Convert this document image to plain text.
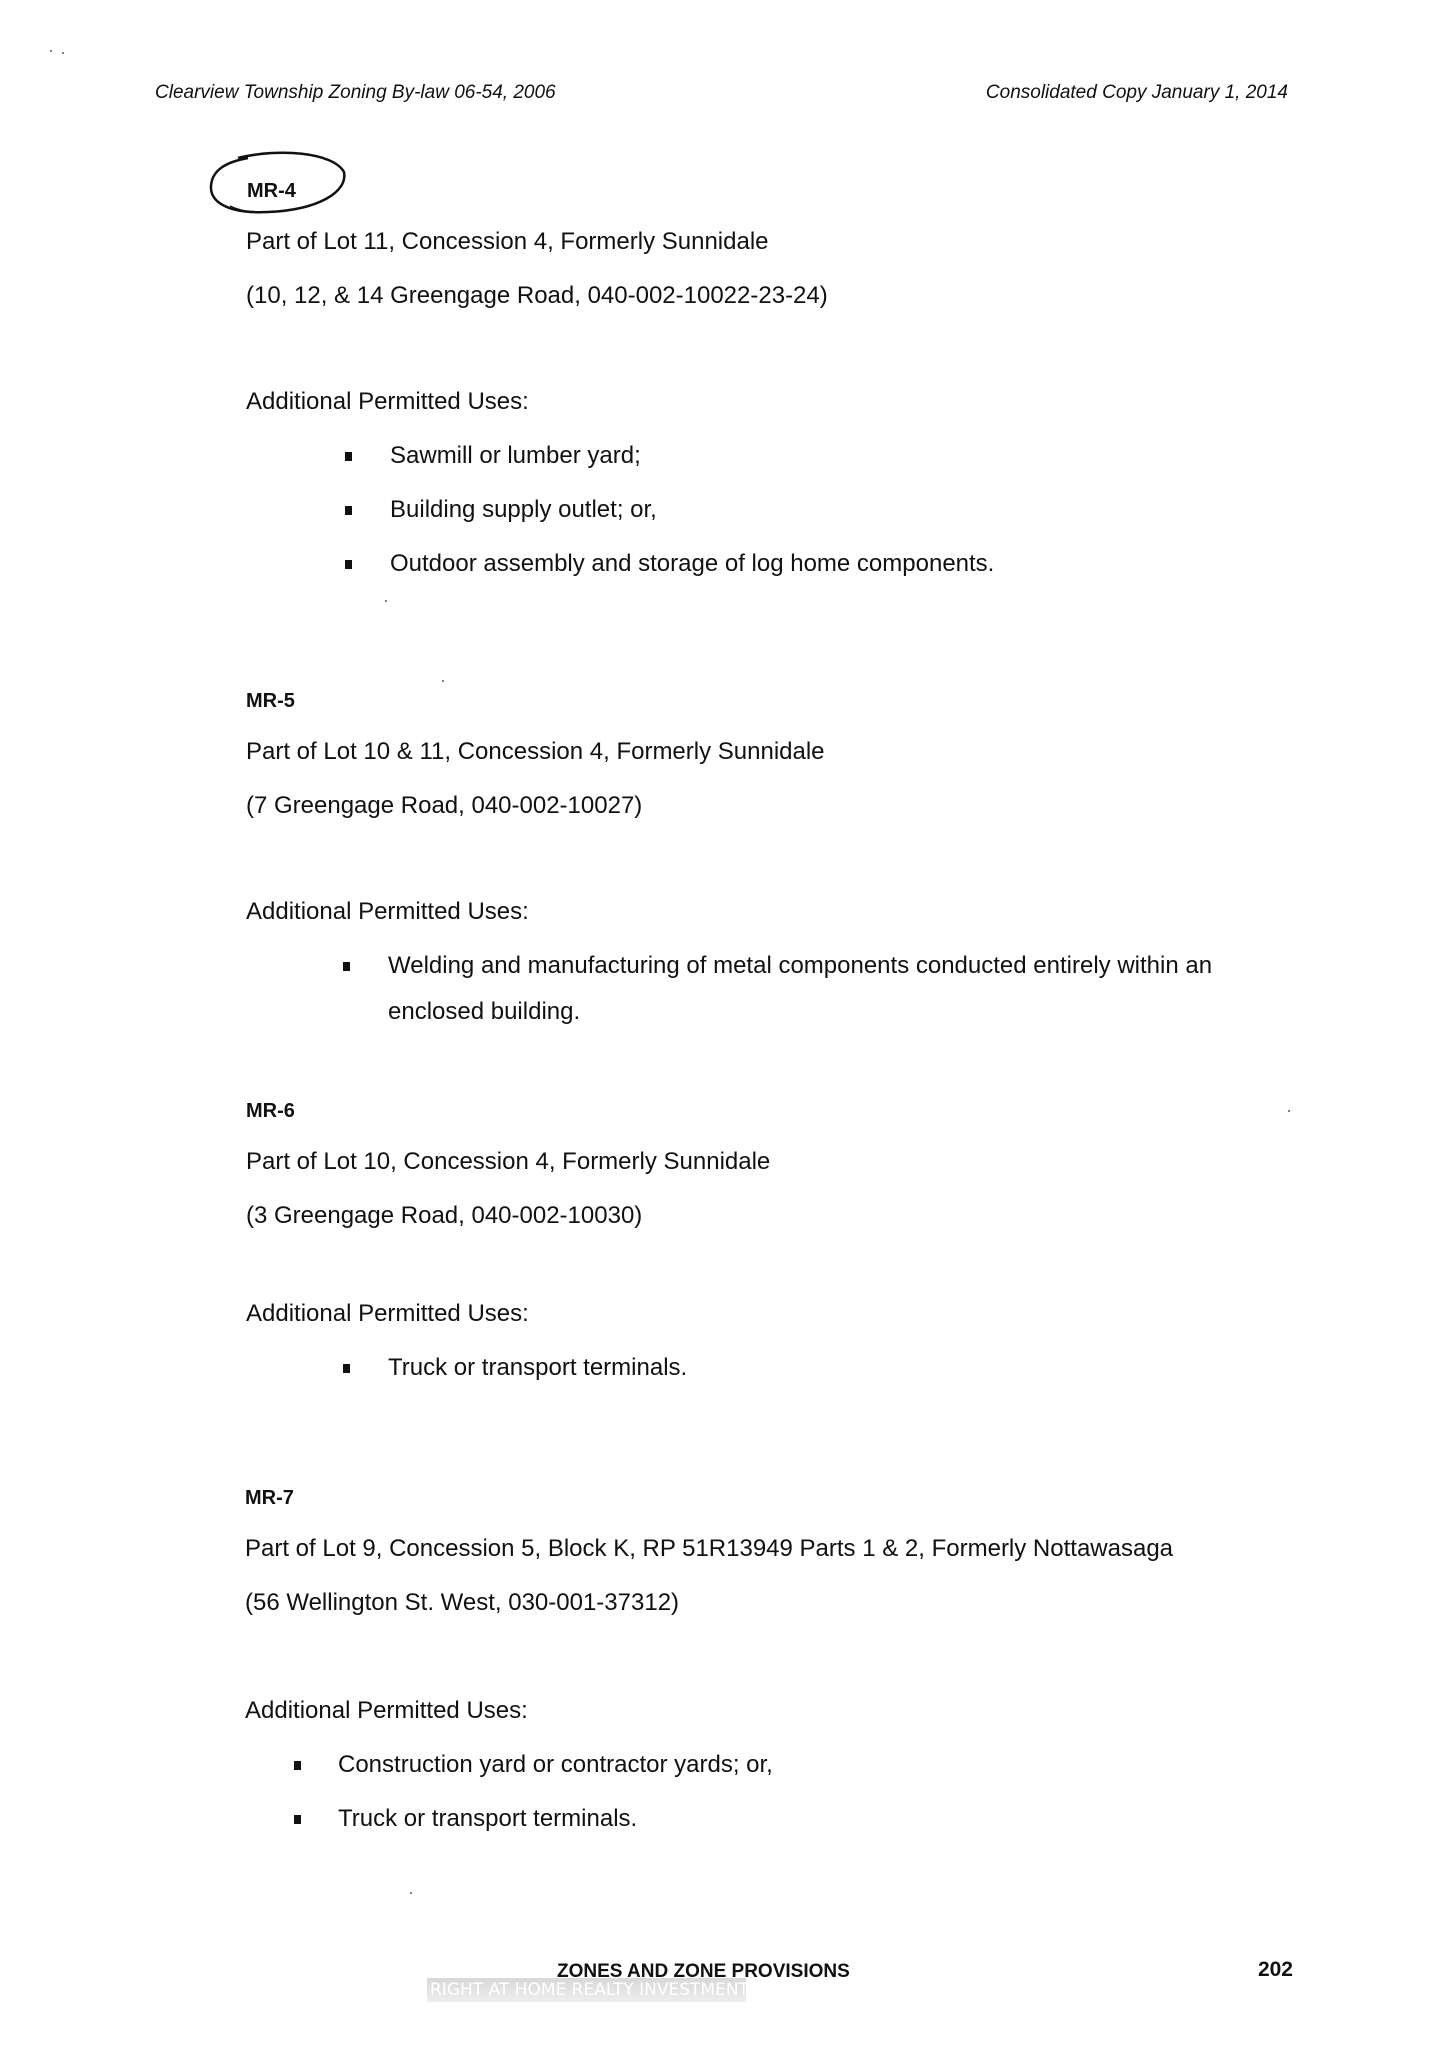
Clearview Township Zoning By-law 06-54, 2006	Consolidated Copy January 1, 2014
MR-4
Part of Lot 11, Concession 4, Formerly Sunnidale
(10, 12, & 14 Greengage Road, 040-002-10022-23-24)
Additional Permitted Uses:
Sawmill or lumber yard;
Building supply outlet; or,
Outdoor assembly and storage of log home components.
MR-5
Part of Lot 10 & 11, Concession 4, Formerly Sunnidale
(7 Greengage Road, 040-002-10027)
Additional Permitted Uses:
Welding and manufacturing of metal components conducted entirely within an
enclosed building.
MR-6
Part of Lot 10, Concession 4, Formerly Sunnidale
(3 Greengage Road, 040-002-10030)
Additional Permitted Uses:
Truck or transport terminals.
MR-7
Part of Lot 9, Concession 5, Block K, RP 51R13949 Parts 1 & 2, Formerly Nottawasaga
(56 Wellington St. West, 030-001-37312)
Additional Permitted Uses:
Construction yard or contractor yards; or,
Truck or transport terminals.
RIGHT AT HOME REALTY INVESTMENTS GROUP, Brokerage
ZONES AND ZONE PROVISIONS	202
